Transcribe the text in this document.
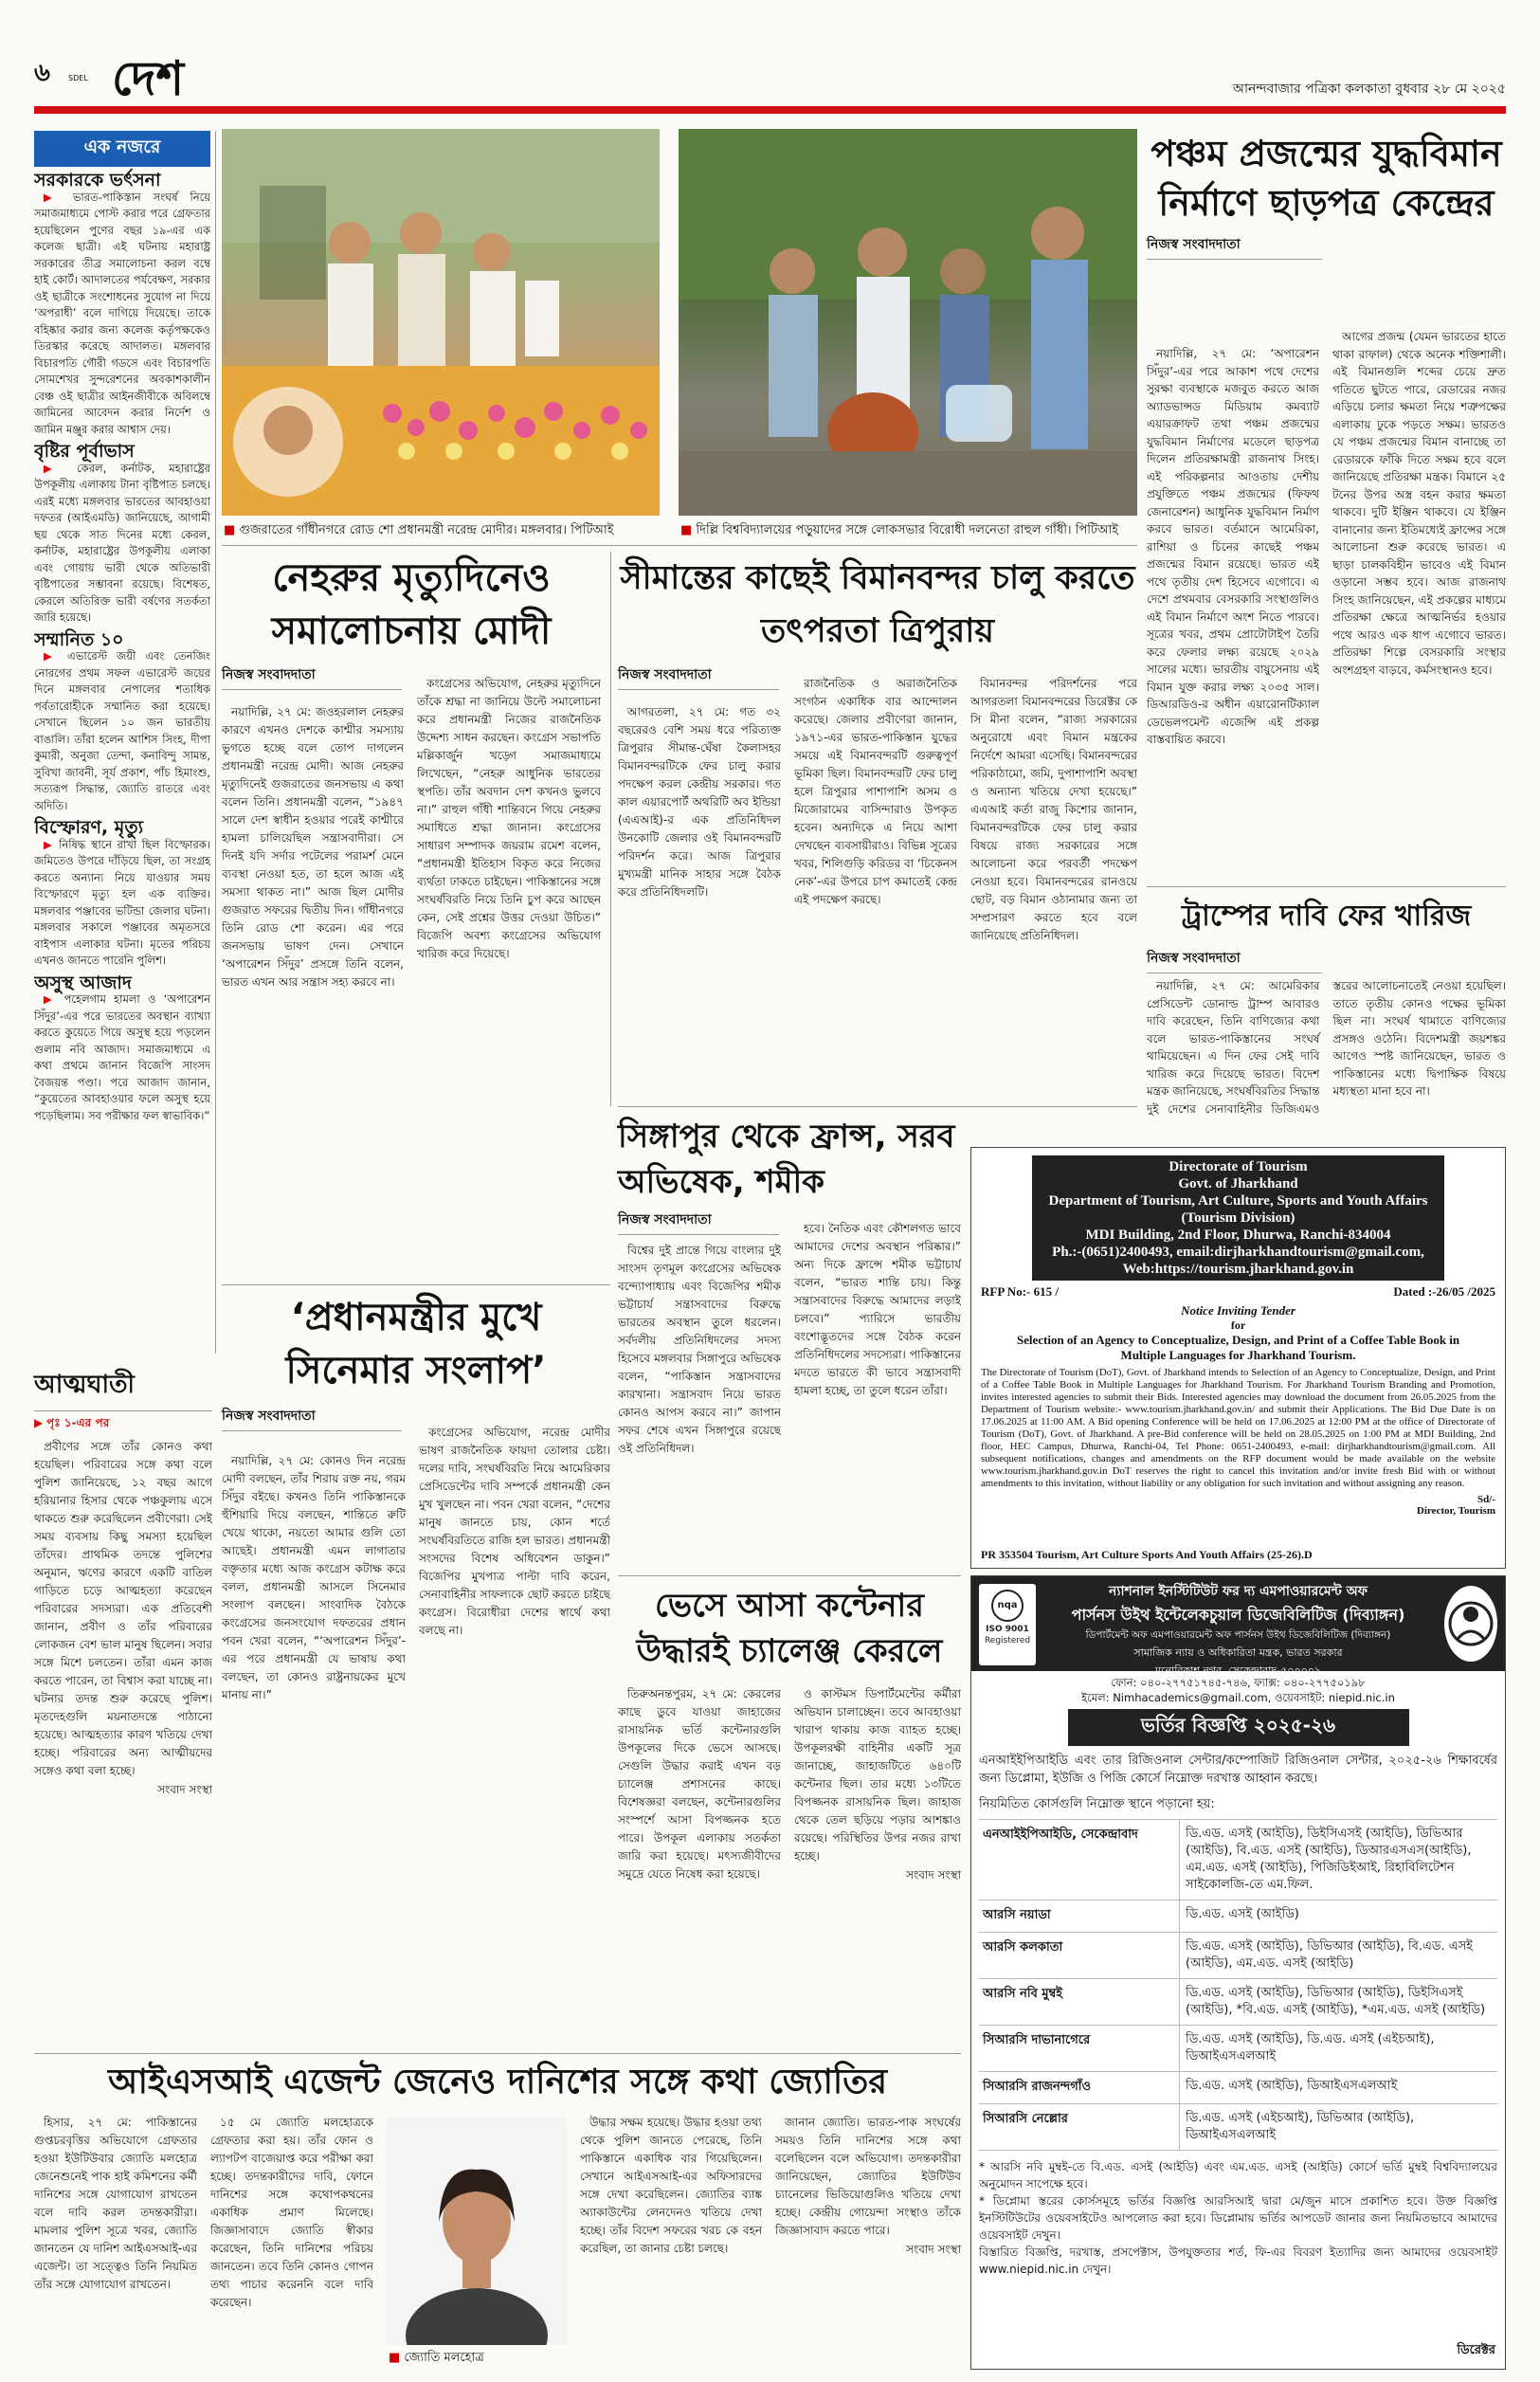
৬ SDEL দেশ	আনন্দবাজার পত্রিকা কলকাতা বুধবার ২৮ মে ২০২৫
এক নজরে
সরকারকে ভর্ৎসনা

▶ ভারত-পাকিস্তান সংঘর্ষ নিয়ে সমাজমাধ্যমে পোস্ট করার পরে গ্রেফতার হয়েছিলেন পুণের বছর ১৯-এর এক কলেজ ছাত্রী। এই ঘটনায় মহারাষ্ট্র সরকারের তীব্র সমালোচনা করল বম্বে হাই কোর্ট। আদালতের পর্যবেক্ষণ, সরকার ওই ছাত্রীকে সংশোধনের সুযোগ না দিয়ে ‘অপরাধী’ বলে দাগিয়ে দিয়েছে। তাকে বহিষ্কার করার জন্য কলেজ কর্তৃপক্ষকেও তিরস্কার করেছে আদালত। মঙ্গলবার বিচারপতি গৌরী গডসে এবং বিচারপতি সোমশেখর সুন্দরেশনের অবকাশকালীন বেঞ্চ ওই ছাত্রীর আইনজীবীকে অবিলম্বে জামিনের আবেদন করার নির্দেশ ও জামিন মঞ্জুর করার আশ্বাস দেয়।

বৃষ্টির পূর্বাভাস

▶ কেরল, কর্নাটক, মহারাষ্ট্রের উপকূলীয় এলাকায় টানা বৃষ্টিপাত চলছে। এরই মধ্যে মঙ্গলবার ভারতের আবহাওয়া দফতর (আইএমডি) জানিয়েছে, আগামী ছয় থেকে সাত দিনের মধ্যে কেরল, কর্নাটক, মহারাষ্ট্রের উপকূলীয় এলাকা এবং গোয়ায় ভারী থেকে অতিভারী বৃষ্টিপাতের সম্ভাবনা রয়েছে। বিশেষত, কেরলে অতিরিক্ত ভারী বর্ষণের সতর্কতা জারি হয়েছে।

সম্মানিত ১০

▶ এভারেস্ট জয়ী এবং তেনজিং নোরগের প্রথম সফল এভারেস্ট জয়ের দিনে মঙ্গলবার নেপালের শতাধিক পর্বতারোহীকে সম্মানিত করা হয়েছে। সেখানে ছিলেন ১০ জন ভারতীয় বাঙালি। তাঁরা হলেন আশিস সিংহ, দীপা কুমারী, অনুজা তেন্দা, কনাবিন্দু সামন্ত, সুবিখা জাবনী, সূর্য প্রকাশ, পাঁচ হিমাংশু, সত্যরূপ সিদ্ধান্ত, জ্যোতি রাতরে এবং অদিতি।

বিস্ফোরণ, মৃত্যু

▶ নিষিদ্ধ স্থানে রাখা ছিল বিস্ফোরক। জমিতেও উপরে দাঁড়িয়ে ছিল, তা সংগ্রহ করতে অন্যান্য নিয়ে যাওয়ার সময় বিস্ফোরণে মৃত্যু হল এক ব্যক্তির। মঙ্গলবার পঞ্জাবের ভটিন্ডা জেলার ঘটনা। মঙ্গলবার সকালে পঞ্জাবের অমৃতসরে বাইপাস এলাকার ঘটনা। মৃতের পরিচয় এখনও জানতে পারেনি পুলিশ।

অসুস্থ আজাদ

▶ পহেলগাম হামলা ও ‘অপারেশন সিঁদুর’-এর পরে ভারতের অবস্থান ব্যাখ্যা করতে কুয়েতে গিয়ে অসুস্থ হয়ে পড়লেন গুলাম নবি আজাদ। সমাজমাধ্যমে এ কথা প্রথমে জানান বিজেপি সাংসদ বৈজয়ন্ত পণ্ডা। পরে আজাদ জানান, “কুয়েতের আবহাওয়ার ফলে অসুস্থ হয়ে পড়েছিলাম। সব পরীক্ষার ফল স্বাভাবিক।”

আত্মঘাতী
▶ পৃঃ ১-এর পর

প্রবীণের সঙ্গে তাঁর কোনও কথা হয়েছিল। পরিবারের সঙ্গে কথা বলে পুলিশ জানিয়েছে, ১২ বছর আগে হরিয়ানার হিসার থেকে পঞ্চকুলায় এসে থাকতে শুরু করেছিলেন প্রবীণেরা। সেই সময় ব্যবসায় কিছু সমস্যা হয়েছিল তাঁদের। প্রাথমিক তদন্তে পুলিশের অনুমান, ঋণের কারণে একটি বাতিল গাড়িতে চড়ে আত্মহত্যা করেছেন পরিবারের সদস্যরা। এক প্রতিবেশী জানান, প্রবীণ ও তাঁর পরিবারের লোকজন বেশ ভাল মানুষ ছিলেন। সবার সঙ্গে মিশে চলতেন। তাঁরা এমন কাজ করতে পারেন, তা বিশ্বাস করা যাচ্ছে না। ঘটনার তদন্ত শুরু করেছে পুলিশ। মৃতদেহগুলি ময়নাতদন্তে পাঠানো হয়েছে। আত্মহত্যার কারণ খতিয়ে দেখা হচ্ছে। পরিবারের অন্য আত্মীয়দের সঙ্গেও কথা বলা হচ্ছে।

সংবাদ সংস্থা

■ গুজরাতের গাঁধীনগরে রোড শো প্রধানমন্ত্রী নরেন্দ্র মোদীর। মঙ্গলবার। পিটিআই
■	দিল্লি বিশ্ববিদ্যালয়ের পড়ুয়াদের সঙ্গে লোকসভার বিরোধী দলনেতা রাহুল গাঁধী। পিটিআই
পঞ্চম প্রজন্মের যুদ্ধবিমান নির্মাণে ছাড়পত্র কেন্দ্রের
নিজস্ব সংবাদদাতা

নয়াদিল্লি, ২৭ মে: ‘অপারেশন সিঁদুর’-এর পরে আকাশ পথে দেশের সুরক্ষা ব্যবস্থাকে মজবুত করতে আজ অ্যাডভান্সড মিডিয়াম কমব্যাট এয়ারক্রাফট তথা পঞ্চম প্রজন্মের যুদ্ধবিমান নির্মাণের মডেলে ছাড়পত্র দিলেন প্রতিরক্ষামন্ত্রী রাজনাথ সিংহ। এই পরিকল্পনার আওতায় দেশীয় প্রযুক্তিতে পঞ্চম প্রজন্মের (ফিফথ জেনারেশন) আধুনিক যুদ্ধবিমান নির্মাণ করবে ভারত। বর্তমানে আমেরিকা, রাশিয়া ও চিনের কাছেই পঞ্চম প্রজন্মের বিমান রয়েছে। ভারত এই পথে তৃতীয় দেশ হিসেবে এগোবে। এ দেশে প্রথমবার বেসরকারি সংস্থাগুলিও এই বিমান নির্মাণে অংশ নিতে পারবে। সূত্রের খবর, প্রথম প্রোটোটাইপ তৈরি করে ফেলার লক্ষ্য রয়েছে ২০২৯ সালের মধ্যে। ভারতীয় বায়ুসেনায় এই বিমান যুক্ত করার লক্ষ্য ২০৩৫ সাল। ডিআরডিও-র অধীন এয়ারোনটিক্যাল ডেভেলপমেন্ট এজেন্সি এই প্রকল্প বাস্তবায়িত করবে।

আগের প্রজন্ম (যেমন ভারতের হাতে থাকা রাফাল) থেকে অনেক শক্তিশালী। এই বিমানগুলি শব্দের চেয়ে দ্রুত গতিতে ছুটতে পারে, রেডারের নজর এড়িয়ে চলার ক্ষমতা নিয়ে শত্রুপক্ষের এলাকায় ঢুকে পড়তে সক্ষম। ভারতও যে পঞ্চম প্রজন্মের বিমান বানাচ্ছে তা রেডারকে ফাঁকি দিতে সক্ষম হবে বলে জানিয়েছে প্রতিরক্ষা মন্ত্রক। বিমানে ২৫ টনের উপর অস্ত্র বহন করার ক্ষমতা থাকবে। দুটি ইঞ্জিন থাকবে। যে ইঞ্জিন বানানোর জন্য ইতিমধ্যেই ফ্রান্সের সঙ্গে আলোচনা শুরু করেছে ভারত। এ ছাড়া চালকবিহীন ভাবেও এই বিমান ওড়ানো সম্ভব হবে। আজ রাজনাথ সিংহ জানিয়েছেন, এই প্রকল্পের মাধ্যমে প্রতিরক্ষা ক্ষেত্রে আত্মনির্ভর হওয়ার পথে আরও এক ধাপ এগোবে ভারত। প্রতিরক্ষা শিল্পে বেসরকারি সংস্থার অংশগ্রহণ বাড়বে, কর্মসংস্থানও হবে।

ট্রাম্পের দাবি ফের খারিজ
নিজস্ব সংবাদদাতা

নয়াদিল্লি, ২৭ মে: আমেরিকার প্রেসিডেন্ট ডোনাল্ড ট্রাম্প আবারও দাবি করেছেন, তিনি বাণিজ্যের কথা বলে ভারত-পাকিস্তানের সংঘর্ষ থামিয়েছেন। এ দিন ফের সেই দাবি খারিজ করে দিয়েছে ভারত। বিদেশ মন্ত্রক জানিয়েছে, সংঘর্ষবিরতির সিদ্ধান্ত দুই দেশের সেনাবাহিনীর ডিজিএমও স্তরের আলোচনাতেই নেওয়া হয়েছিল। তাতে তৃতীয় কোনও পক্ষের ভূমিকা ছিল না। সংঘর্ষ থামাতে বাণিজ্যের প্রসঙ্গও ওঠেনি। বিদেশমন্ত্রী জয়শঙ্কর আগেও স্পষ্ট জানিয়েছেন, ভারত ও পাকিস্তানের মধ্যে দ্বিপাক্ষিক বিষয়ে মধ্যস্থতা মানা হবে না।

নেহরুর মৃত্যুদিনেও সমালোচনায় মোদী
নিজস্ব সংবাদদাতা

নয়াদিল্লি, ২৭ মে: জওহরলাল নেহরুর কারণে এখনও দেশকে কাশ্মীর সমস্যায় ভুগতে হচ্ছে বলে তোপ দাগলেন প্রধানমন্ত্রী নরেন্দ্র মোদী। আজ নেহরুর মৃত্যুদিনেই গুজরাতের জনসভায় এ কথা বলেন তিনি। প্রধানমন্ত্রী বলেন, “১৯৪৭ সালে দেশ স্বাধীন হওয়ার পরেই কাশ্মীরে হামলা চালিয়েছিল সন্ত্রাসবাদীরা। সে দিনই যদি সর্দার পটেলের পরামর্শ মেনে ব্যবস্থা নেওয়া হত, তা হলে আজ এই সমস্যা থাকত না।” আজ ছিল মোদীর গুজরাত সফরের দ্বিতীয় দিন। গাঁধীনগরে তিনি রোড শো করেন। এর পরে জনসভায় ভাষণ দেন। সেখানে ‘অপারেশন সিঁদুর’ প্রসঙ্গে তিনি বলেন, ভারত এখন আর সন্ত্রাস সহ্য করবে না।

কংগ্রেসের অভিযোগ, নেহরুর মৃত্যুদিনে তাঁকে শ্রদ্ধা না জানিয়ে উল্টে সমালোচনা করে প্রধানমন্ত্রী নিজের রাজনৈতিক উদ্দেশ্য সাধন করছেন। কংগ্রেস সভাপতি মল্লিকার্জুন খড়্গে সমাজমাধ্যমে লিখেছেন, “নেহরু আধুনিক ভারতের স্থপতি। তাঁর অবদান দেশ কখনও ভুলবে না।” রাহুল গাঁধী শান্তিবনে গিয়ে নেহরুর সমাধিতে শ্রদ্ধা জানান। কংগ্রেসের সাধারণ সম্পাদক জয়রাম রমেশ বলেন, “প্রধানমন্ত্রী ইতিহাস বিকৃত করে নিজের ব্যর্থতা ঢাকতে চাইছেন। পাকিস্তানের সঙ্গে সংঘর্ষবিরতি নিয়ে তিনি চুপ করে আছেন কেন, সেই প্রশ্নের উত্তর দেওয়া উচিত।” বিজেপি অবশ্য কংগ্রেসের অভিযোগ খারিজ করে দিয়েছে।

সীমান্তের কাছেই বিমানবন্দর চালু করতে তৎপরতা ত্রিপুরায়
নিজস্ব সংবাদদাতা

আগরতলা, ২৭ মে: গত ৩২ বছরেরও বেশি সময় ধরে পরিত্যক্ত ত্রিপুরার সীমান্ত-ঘেঁষা কৈলাসহর বিমানবন্দরটিকে ফের চালু করার পদক্ষেপ করল কেন্দ্রীয় সরকার। গত কাল এয়ারপোর্ট অথরিটি অব ইন্ডিয়া (এএআই)-র এক প্রতিনিধিদল উনকোটি জেলার ওই বিমানবন্দরটি পরিদর্শন করে। আজ ত্রিপুরার মুখ্যমন্ত্রী মানিক সাহার সঙ্গে বৈঠক করে প্রতিনিধিদলটি।

রাজনৈতিক ও অরাজনৈতিক সংগঠন একাধিক বার আন্দোলন করেছে। জেলার প্রবীণেরা জানান, ১৯৭১-এর ভারত-পাকিস্তান যুদ্ধের সময়ে এই বিমানবন্দরটি গুরুত্বপূর্ণ ভূমিকা ছিল। বিমানবন্দরটি ফের চালু হলে ত্রিপুরার পাশাপাশি অসম ও মিজোরামের বাসিন্দারাও উপকৃত হবেন। অন্যদিকে এ নিয়ে আশা দেখছেন ব্যবসায়ীরাও। বিভিন্ন সূত্রের খবর, শিলিগুড়ি করিডর বা ‘চিকেনস নেক’-এর উপরে চাপ কমাতেই কেন্দ্র এই পদক্ষেপ করছে।

বিমানবন্দর পরিদর্শনের পরে আগরতলা বিমানবন্দরের ডিরেক্টর কে সি মীনা বলেন, “রাজ্য সরকারের অনুরোধে এবং বিমান মন্ত্রকের নির্দেশে আমরা এসেছি। বিমানবন্দরের পরিকাঠামো, জমি, দুপাশাপাশি অবস্থা ও অন্যান্য খতিয়ে দেখা হয়েছে।” এএআই কর্তা রাজু কিশোর জানান, বিমানবন্দরটিকে ফের চালু করার বিষয়ে রাজ্য সরকারের সঙ্গে আলোচনা করে পরবর্তী পদক্ষেপ নেওয়া হবে। বিমানবন্দরের রানওয়ে ছোট, বড় বিমান ওঠানামার জন্য তা সম্প্রসারণ করতে হবে বলে জানিয়েছে প্রতিনিধিদল।

সিঙ্গাপুর থেকে ফ্রান্স, সরব অভিষেক, শমীক
নিজস্ব সংবাদদাতা

বিশ্বের দুই প্রান্তে গিয়ে বাংলার দুই সাংসদ তৃণমূল কংগ্রেসের অভিষেক বন্দ্যোপাধ্যায় এবং বিজেপির শমীক ভট্টাচার্য সন্ত্রাসবাদের বিরুদ্ধে ভারতের অবস্থান তুলে ধরলেন। সর্বদলীয় প্রতিনিধিদলের সদস্য হিসেবে মঙ্গলবার সিঙ্গাপুরে অভিষেক বলেন, “পাকিস্তান সন্ত্রাসবাদের কারখানা। সন্ত্রাসবাদ নিয়ে ভারত কোনও আপস করবে না।” জাপান সফর শেষে এখন সিঙ্গাপুরে রয়েছে ওই প্রতিনিধিদল।

হবে। নৈতিক এবং কৌশলগত ভাবে আমাদের দেশের অবস্থান পরিষ্কার।” অন্য দিকে ফ্রান্সে শমীক ভট্টাচার্য বলেন, “ভারত শান্তি চায়। কিন্তু সন্ত্রাসবাদের বিরুদ্ধে আমাদের লড়াই চলবে।” প্যারিসে ভারতীয় বংশোদ্ভূতদের সঙ্গে বৈঠক করেন প্রতিনিধিদলের সদস্যেরা। পাকিস্তানের মদতে ভারতে কী ভাবে সন্ত্রাসবাদী হামলা হচ্ছে, তা তুলে ধরেন তাঁরা।

‘প্রধানমন্ত্রীর মুখে সিনেমার সংলাপ’
নিজস্ব সংবাদদাতা

নয়াদিল্লি, ২৭ মে: কোনও দিন নরেন্দ্র মোদী বলছেন, তাঁর শিরায় রক্ত নয়, গরম সিঁদুর বইছে। কখনও তিনি পাকিস্তানকে হুঁশিয়ারি দিয়ে বলছেন, শান্তিতে রুটি খেয়ে থাকো, নয়তো আমার গুলি তো আছেই। প্রধানমন্ত্রী এমন লাগাতার বক্তৃতার মধ্যে আজ কংগ্রেস কটাক্ষ করে বলল, প্রধানমন্ত্রী আসলে সিনেমার সংলাপ বলছেন। সাংবাদিক বৈঠকে কংগ্রেসের জনসংযোগ দফতরের প্রধান পবন খেরা বলেন, “‘অপারেশন সিঁদুর’-এর পরে প্রধানমন্ত্রী যে ভাষায় কথা বলছেন, তা কোনও রাষ্ট্রনায়কের মুখে মানায় না।”

কংগ্রেসের অভিযোগ, নরেন্দ্র মোদীর ভাষণ রাজনৈতিক ফায়দা তোলার চেষ্টা। দলের দাবি, সংঘর্ষবিরতি নিয়ে আমেরিকার প্রেসিডেন্টের দাবি সম্পর্কে প্রধানমন্ত্রী কেন মুখ খুলছেন না। পবন খেরা বলেন, “দেশের মানুষ জানতে চায়, কোন শর্তে সংঘর্ষবিরতিতে রাজি হল ভারত। প্রধানমন্ত্রী সংসদের বিশেষ অধিবেশন ডাকুন।” বিজেপির মুখপাত্র পাল্টা দাবি করেন, সেনাবাহিনীর সাফল্যকে ছোট করতে চাইছে কংগ্রেস। বিরোধীরা দেশের স্বার্থে কথা বলছে না।

ভেসে আসা কন্টেনার উদ্ধারই চ্যালেঞ্জ কেরলে

তিরুঅনন্তপুরম, ২৭ মে: কেরলের কাছে ডুবে যাওয়া জাহাজের রাসায়নিক ভর্তি কন্টেনারগুলি উপকূলের দিকে ভেসে আসছে। সেগুলি উদ্ধার করাই এখন বড় চ্যালেঞ্জ প্রশাসনের কাছে। বিশেষজ্ঞরা বলছেন, কন্টেনারগুলির সংস্পর্শে আসা বিপজ্জনক হতে পারে। উপকূল এলাকায় সতর্কতা জারি করা হয়েছে। মৎস্যজীবীদের সমুদ্রে যেতে নিষেধ করা হয়েছে।

ও কাস্টমস ডিপার্টমেন্টের কর্মীরা অভিযান চালাচ্ছেন। তবে আবহাওয়া খারাপ থাকায় কাজ ব্যাহত হচ্ছে। উপকূলরক্ষী বাহিনীর একটি সূত্র জানাচ্ছে, জাহাজটিতে ৬৪০টি কন্টেনার ছিল। তার মধ্যে ১৩টিতে বিপজ্জনক রাসায়নিক ছিল। জাহাজ থেকে তেল ছড়িয়ে পড়ার আশঙ্কাও রয়েছে। পরিস্থিতির উপর নজর রাখা হচ্ছে।

সংবাদ সংস্থা

Directorate of Tourism
Govt. of Jharkhand
Department of Tourism, Art Culture, Sports and Youth Affairs (Tourism Division)
MDI Building, 2nd Floor, Dhurwa, Ranchi-834004
Ph.:-(0651)2400493, email:dirjharkhandtourism@gmail.com,
Web:https://tourism.jharkhand.gov.in
RFP No:- 615 /	Dated :-26/05 /2025
Notice Inviting Tender
for
Selection of an Agency to Conceptualize, Design, and Print of a Coffee Table Book in Multiple Languages for Jharkhand Tourism.
The Directorate of Tourism (DoT), Govt. of Jharkhand intends to Selection of an Agency to Conceptualize, Design, and Print of a Coffee Table Book in Multiple Languages for Jharkhand Tourism. For Jharkhand Tourism Branding and Promotion, invites interested agencies to submit their Bids. Interested agencies may download the document from 26.05.2025 from the Department of Tourism website:- www.tourism.jharkhand.gov.in/ and submit their Applications. The Bid Due Date is on 17.06.2025 at 11:00 AM. A Bid opening Conference will be held on 17.06.2025 at 12:00 PM at the office of Directorate of Tourism (DoT), Govt. of Jharkhand. A pre-Bid conference will be held on 28.05.2025 on 1:00 PM at MDI Building, 2nd floor, HEC Campus, Dhurwa, Ranchi-04, Tel Phone: 0651-2400493, e-mail: dirjharkhandtourism@gmail.com. All subsequent notifications, changes and amendments on the RFP document would be made available on the website www.tourism.jharkhand.gov.in DoT reserves the right to cancel this invitation and/or invite fresh Bid with or without amendments to this invitation, without liability or any obligation for such invitation and without assigning any reason.
Sd/-
Director, Tourism
PR 353504 Tourism, Art Culture Sports And Youth Affairs (25-26).D
nqa
ISO 9001
Registered
ন্যাশনাল ইনস্টিটিউট ফর দ্য এমপাওয়ারমেন্ট অফ
পার্সনস উইথ ইন্টেলেকচুয়াল ডিজেবিলিটিজ (দিব্যাঙ্গন)
ডিপার্টমেন্ট অফ এমপাওয়ারমেন্ট অফ পার্সনস উইথ ডিজেবিলিটিজ (দিব্যাঙ্গন)
সামাজিক ন্যায় ও অধিকারিতা মন্ত্রক, ভারত সরকার
মনোবিকাশ নগর, সেকেন্দ্রাবাদ-৫০০০০৯
ফোন: ০৪০-২৭৭৫১৭৪৫-৭৪৬, ফ্যাক্স: ০৪০-২৭৭৫০১৯৮
ইমেল: Nimhacademics@gmail.com, ওয়েবসাইট: niepid.nic.in
ভর্তির বিজ্ঞপ্তি ২০২৫-২৬
এনআইইপিআইডি এবং তার রিজিওনাল সেন্টার/কম্পোজিট রিজিওনাল সেন্টার, ২০২৫-২৬ শিক্ষাবর্ষের জন্য ডিপ্লোমা, ইউজি ও পিজি কোর্সে নিম্নোক্ত দরখাস্ত আহ্বান করছে।
নিয়মিতিত কোর্সগুলি নিম্নোক্ত স্থানে পড়ানো হয়:
এনআইইপিআইডি, সেকেন্দ্রাবাদ	ডি.এড. এসই (আইডি), ডিইসিএসই (আইডি), ডিভিআর (আইডি), বি.এড. এসই (আইডি), ডিআরএসএস(আইডি), এম.এড. এসই (আইডি), পিজিডিইআই, রিহাবিলিটেশন সাইকোলজি-তে এম.ফিল.
আরসি নয়াডা	ডি.এড. এসই (আইডি)
আরসি কলকাতা	ডি.এড. এসই (আইডি), ডিভিআর (আইডি), বি.এড. এসই (আইডি), এম.এড. এসই (আইডি)
আরসি নবি মুম্বই	ডি.এড. এসই (আইডি), ডিভিআর (আইডি), ডিইসিএসই (আইডি), *বি.এড. এসই (আইডি), *এম.এড. এসই (আইডি)
সিআরসি দাভানাগেরে	ডি.এড. এসই (আইডি), ডি.এড. এসই (এইচআই), ডিআইএসএলআই
সিআরসি রাজনন্দগাঁও	ডি.এড. এসই (আইডি), ডিআইএসএলআই
সিআরসি নেল্লোর	ডি.এড. এসই (এইচআই), ডিভিআর (আইডি), ডিআইএসএলআই
* আরসি নবি মুম্বই-তে বি.এড. এসই (আইডি) এবং এম.এড. এসই (আইডি) কোর্সে ভর্তি মুম্বই বিশ্ববিদ্যালয়ের অনুমোদন সাপেক্ষে হবে।
* ডিপ্লোমা স্তরের কোর্সসমূহে ভর্তির বিজ্ঞপ্তি আরসিআই দ্বারা মে/জুন মাসে প্রকাশিত হবে। উক্ত বিজ্ঞপ্তি ইনস্টিটিউটের ওয়েবসাইটেও আপলোড করা হবে। ডিপ্লোমায় ভর্তির আপডেট জানার জন্য নিয়মিতভাবে আমাদের ওয়েবসাইট দেখুন।
বিস্তারিত বিজ্ঞপ্তি, দরখাস্ত, প্রসপেক্টাস, উপযুক্ততার শর্ত, ফি-এর বিবরণ ইত্যাদির জন্য আমাদের ওয়েবসাইট www.niepid.nic.in দেখুন।
ডিরেক্টর
আইএসআই এজেন্ট জেনেও দানিশের সঙ্গে কথা জ্যোতির

হিসার, ২৭ মে: পাকিস্তানের গুপ্তচরবৃত্তির অভিযোগে গ্রেফতার হওয়া ইউটিউবার জ্যোতি মলহোত্র জেনেশুনেই পাক হাই কমিশনের কর্মী দানিশের সঙ্গে যোগাযোগ রাখতেন বলে দাবি করল তদন্তকারীরা। মামলার পুলিশ সূত্রে খবর, জ্যোতি জানতেন যে দানিশ আইএসআই-এর এজেন্ট। তা সত্ত্বেও তিনি নিয়মিত তাঁর সঙ্গে যোগাযোগ রাখতেন।

১৫ মে জ্যোতি মলহোত্রকে গ্রেফতার করা হয়। তাঁর ফোন ও ল্যাপটপ বাজেয়াপ্ত করে পরীক্ষা করা হচ্ছে। তদন্তকারীদের দাবি, ফোনে দানিশের সঙ্গে কথোপকথনের একাধিক প্রমাণ মিলেছে। জিজ্ঞাসাবাদে জ্যোতি স্বীকার করেছেন, তিনি দানিশের পরিচয় জানতেন। তবে তিনি কোনও গোপন তথ্য পাচার করেননি বলে দাবি করেছেন।

■ জ্যোতি মলহোত্র

উদ্ধার সক্ষম হয়েছে। উদ্ধার হওয়া তথ্য থেকে পুলিশ জানতে পেরেছে, তিনি পাকিস্তানে একাধিক বার গিয়েছিলেন। সেখানে আইএসআই-এর অফিসারদের সঙ্গে দেখা করেছিলেন। জ্যোতির ব্যাঙ্ক অ্যাকাউন্টের লেনদেনও খতিয়ে দেখা হচ্ছে। তাঁর বিদেশ সফরের খরচ কে বহন করেছিল, তা জানার চেষ্টা চলছে।

জানান জ্যোতি। ভারত-পাক সংঘর্ষের সময়ও তিনি দানিশের সঙ্গে কথা বলেছিলেন বলে অভিযোগ। তদন্তকারীরা জানিয়েছেন, জ্যোতির ইউটিউব চ্যানেলের ভিডিয়োগুলিও খতিয়ে দেখা হচ্ছে। কেন্দ্রীয় গোয়েন্দা সংস্থাও তাঁকে জিজ্ঞাসাবাদ করতে পারে।

সংবাদ সংস্থা
